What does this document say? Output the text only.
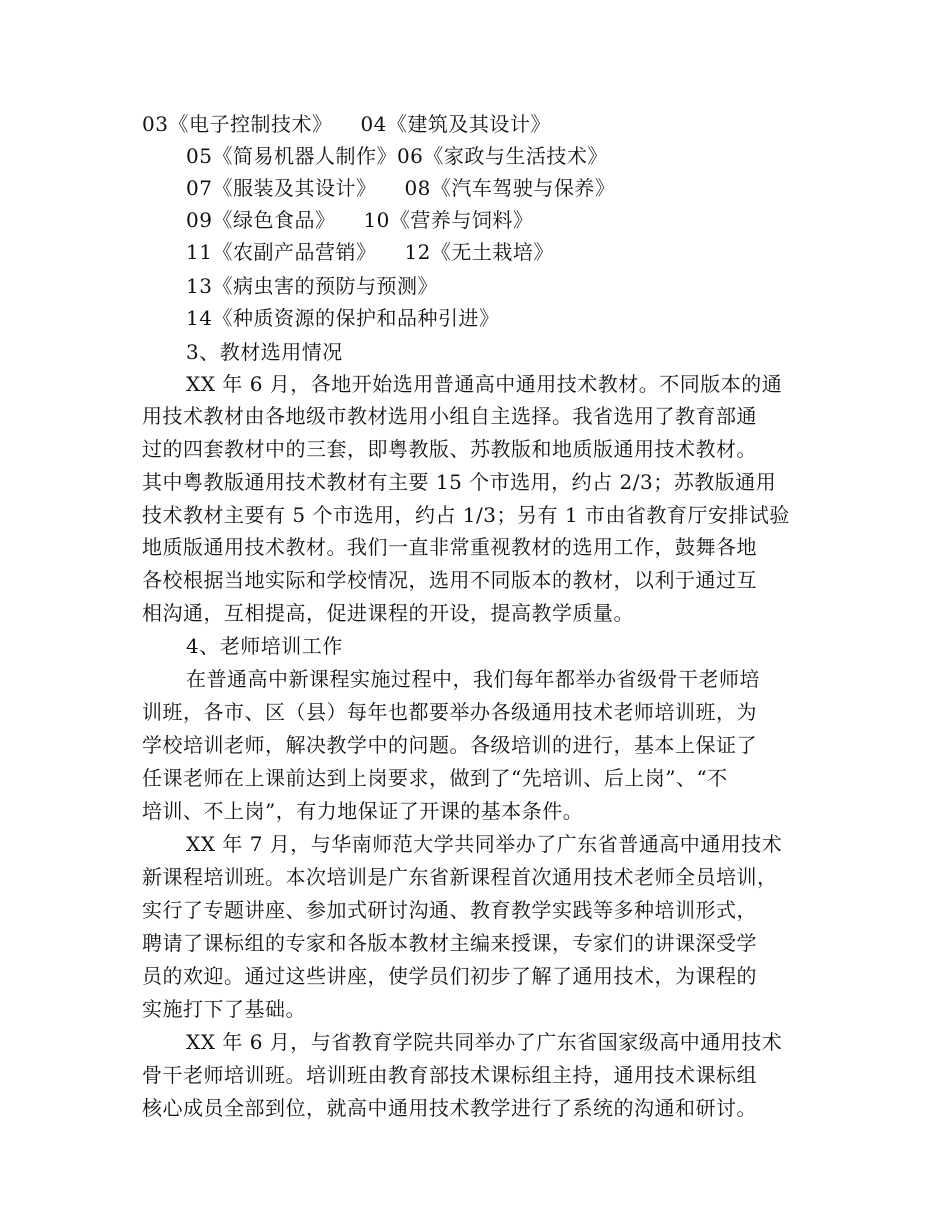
03《电子控制技术》 04《建筑及其设计》
05《简易机器人制作》06《家政与生活技术》
07《服装及其设计》 08《汽车驾驶与保养》
09《绿色食品》 10《营养与饲料》
11《农副产品营销》 12《无土栽培》
13《病虫害的预防与预测》
14《种质资源的保护和品种引进》
3、教材选用情况
XX 年 6 月，各地开始选用普通高中通用技术教材。不同版本的通
用技术教材由各地级市教材选用小组自主选择。我省选用了教育部通
过的四套教材中的三套，即粤教版、苏教版和地质版通用技术教材。
其中粤教版通用技术教材有主要 15 个市选用，约占 2/3；苏教版通用
技术教材主要有 5 个市选用，约占 1/3；另有 1 市由省教育厅安排试验
地质版通用技术教材。我们一直非常重视教材的选用工作，鼓舞各地
各校根据当地实际和学校情况，选用不同版本的教材，以利于通过互
相沟通，互相提高，促进课程的开设，提高教学质量。
4、老师培训工作
在普通高中新课程实施过程中，我们每年都举办省级骨干老师培
训班，各市、区（县）每年也都要举办各级通用技术老师培训班，为
学校培训老师，解决教学中的问题。各级培训的进行，基本上保证了
任课老师在上课前达到上岗要求，做到了“先培训、后上岗”、“不
培训、不上岗”，有力地保证了开课的基本条件。
XX 年 7 月，与华南师范大学共同举办了广东省普通高中通用技术
新课程培训班。本次培训是广东省新课程首次通用技术老师全员培训，
实行了专题讲座、参加式研讨沟通、教育教学实践等多种培训形式，
聘请了课标组的专家和各版本教材主编来授课，专家们的讲课深受学
员的欢迎。通过这些讲座，使学员们初步了解了通用技术，为课程的
实施打下了基础。
XX 年 6 月，与省教育学院共同举办了广东省国家级高中通用技术
骨干老师培训班。培训班由教育部技术课标组主持，通用技术课标组
核心成员全部到位，就高中通用技术教学进行了系统的沟通和研讨。
